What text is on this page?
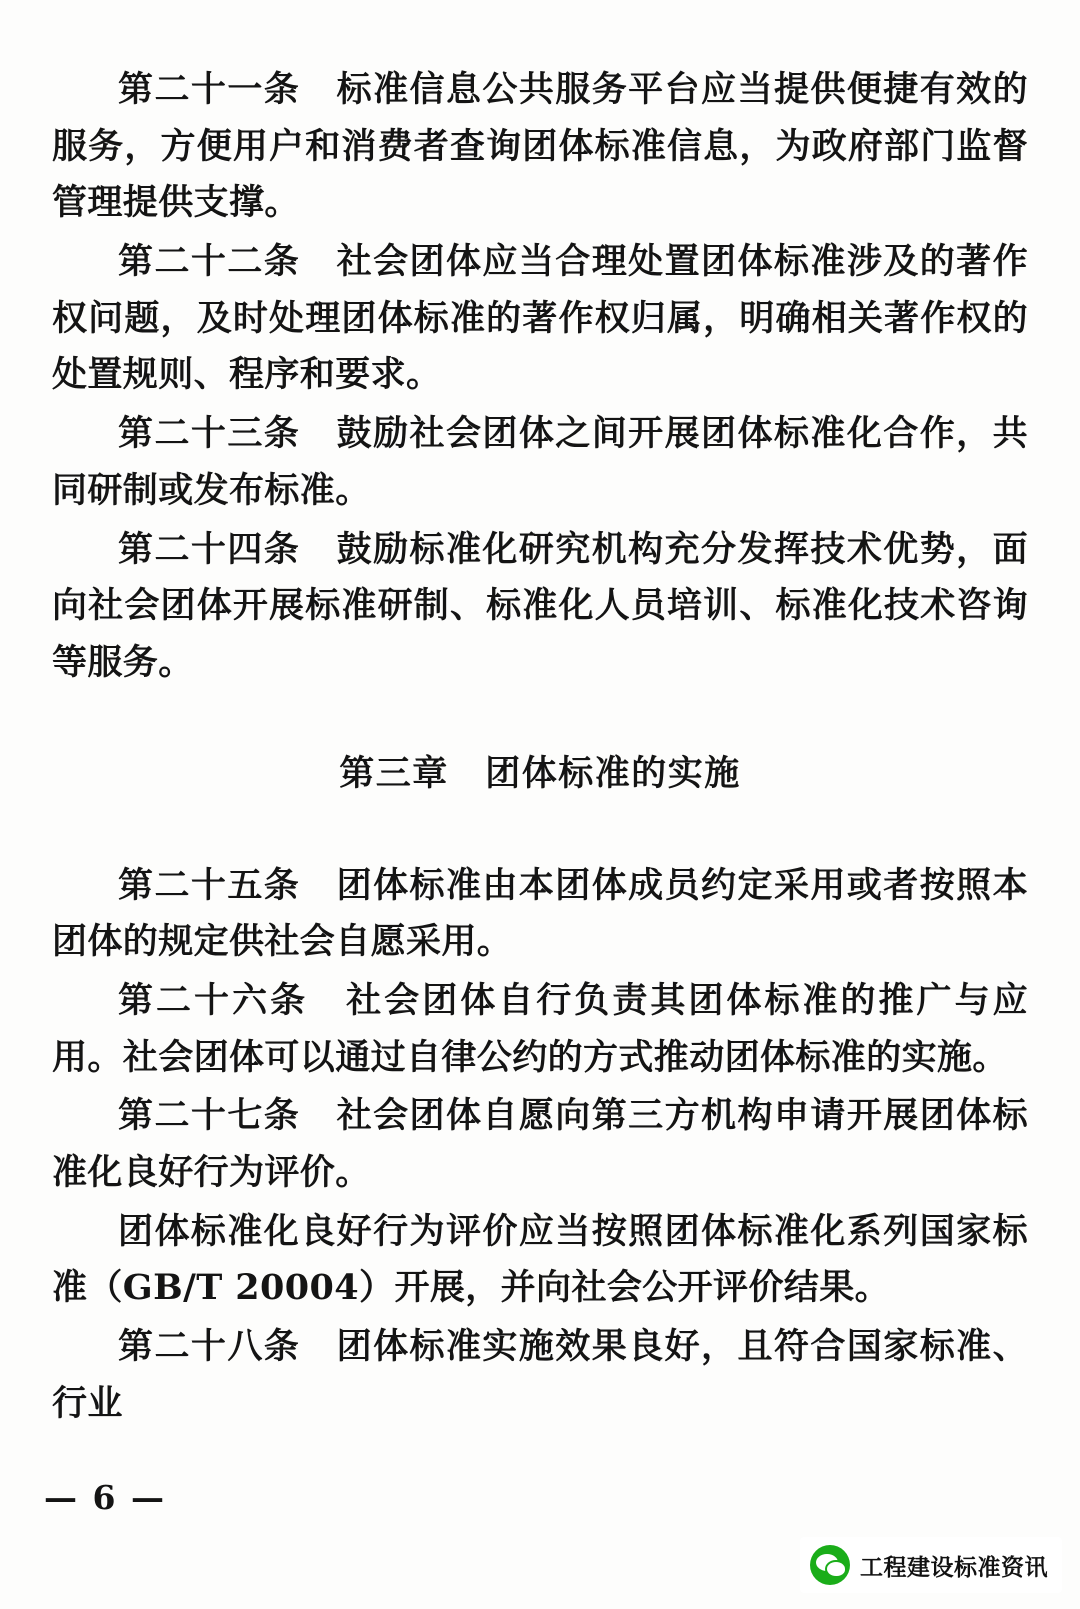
第二十一条　标准信息公共服务平台应当提供便捷有效的服务，方便用户和消费者查询团体标准信息，为政府部门监督管理提供支撑。

第二十二条　社会团体应当合理处置团体标准涉及的著作权问题，及时处理团体标准的著作权归属，明确相关著作权的处置规则、程序和要求。

第二十三条　鼓励社会团体之间开展团体标准化合作，共同研制或发布标准。

第二十四条　鼓励标准化研究机构充分发挥技术优势，面向社会团体开展标准研制、标准化人员培训、标准化技术咨询等服务。

第三章　团体标准的实施

第二十五条　团体标准由本团体成员约定采用或者按照本团体的规定供社会自愿采用。

第二十六条　社会团体自行负责其团体标准的推广与应用。社会团体可以通过自律公约的方式推动团体标准的实施。

第二十七条　社会团体自愿向第三方机构申请开展团体标准化良好行为评价。

团体标准化良好行为评价应当按照团体标准化系列国家标准（GB/T 20004）开展，并向社会公开评价结果。

第二十八条　团体标准实施效果良好，且符合国家标准、行业

— 6 —
工程建设标准资讯
